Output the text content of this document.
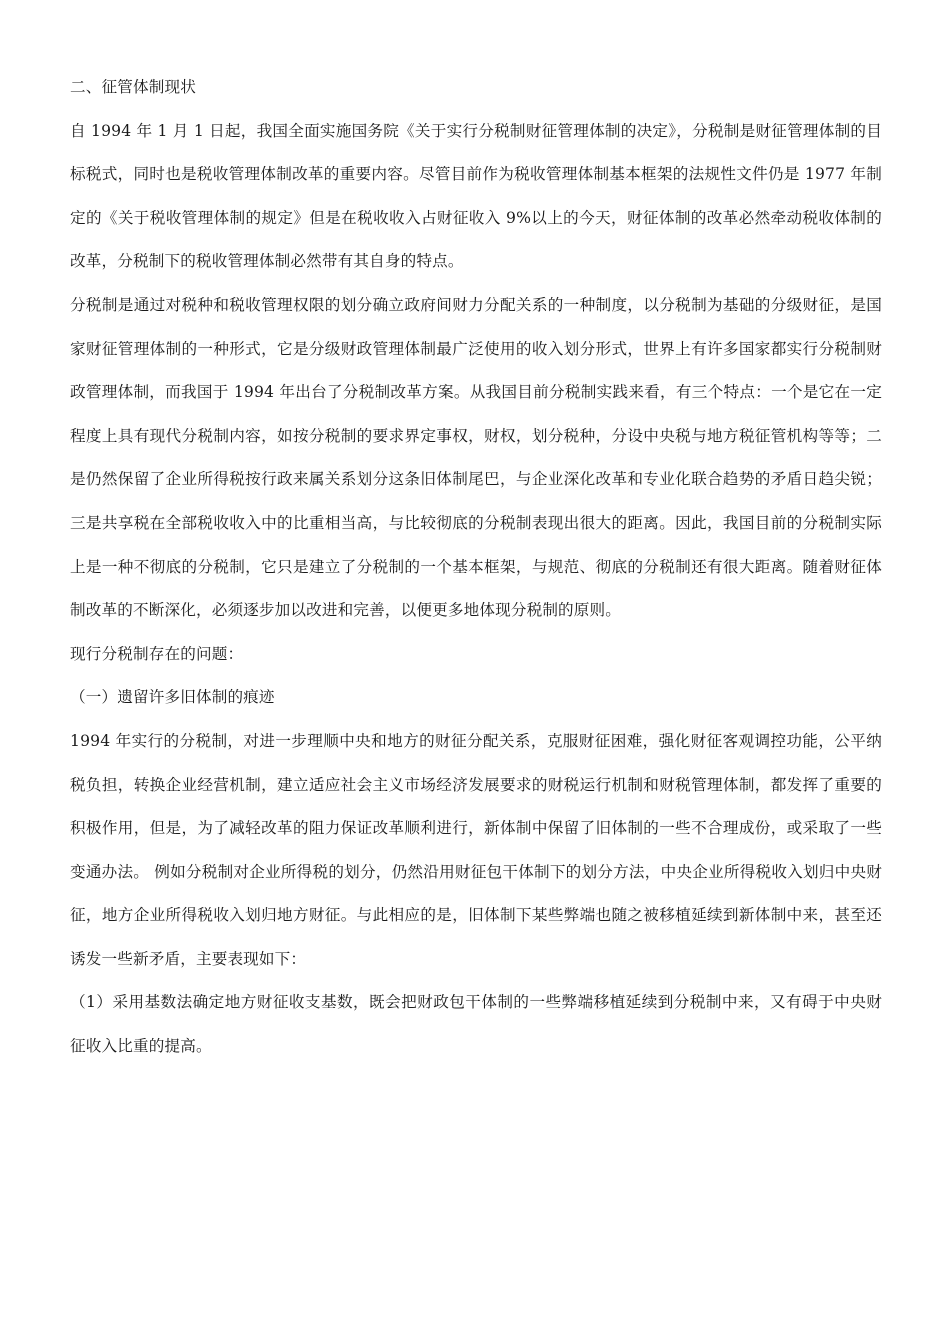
二、征管体制现状

自 1994 年 1 月 1 日起，我国全面实施国务院《关于实行分税制财征管理体制的决定》，分税制是财征管理体制的目标税式，同时也是税收管理体制改革的重要内容。尽管目前作为税收管理体制基本框架的法规性文件仍是 1977 年制定的《关于税收管理体制的规定》但是在税收收入占财征收入 9%以上的今天，财征体制的改革必然牵动税收体制的改革，分税制下的税收管理体制必然带有其自身的特点。

分税制是通过对税种和税收管理权限的划分确立政府间财力分配关系的一种制度，以分税制为基础的分级财征，是国家财征管理体制的一种形式，它是分级财政管理体制最广泛使用的收入划分形式，世界上有许多国家都实行分税制财政管理体制，而我国于 1994 年出台了分税制改革方案。从我国目前分税制实践来看，有三个特点：一个是它在一定程度上具有现代分税制内容，如按分税制的要求界定事权，财权，划分税种，分设中央税与地方税征管机构等等；二是仍然保留了企业所得税按行政来属关系划分这条旧体制尾巴，与企业深化改革和专业化联合趋势的矛盾日趋尖锐；三是共享税在全部税收收入中的比重相当高，与比较彻底的分税制表现出很大的距离。因此，我国目前的分税制实际上是一种不彻底的分税制，它只是建立了分税制的一个基本框架，与规范、彻底的分税制还有很大距离。随着财征体制改革的不断深化，必须逐步加以改进和完善，以便更多地体现分税制的原则。

现行分税制存在的问题：

（一）遗留许多旧体制的痕迹

1994 年实行的分税制，对进一步理顺中央和地方的财征分配关系，克服财征困难，强化财征客观调控功能，公平纳税负担，转换企业经营机制，建立适应社会主义市场经济发展要求的财税运行机制和财税管理体制，都发挥了重要的积极作用，但是，为了减轻改革的阻力保证改革顺利进行，新体制中保留了旧体制的一些不合理成份，或采取了一些变通办法。 例如分税制对企业所得税的划分，仍然沿用财征包干体制下的划分方法，中央企业所得税收入划归中央财征，地方企业所得税收入划归地方财征。与此相应的是，旧体制下某些弊端也随之被移植延续到新体制中来，甚至还诱发一些新矛盾，主要表现如下：

（1）采用基数法确定地方财征收支基数，既会把财政包干体制的一些弊端移植延续到分税制中来，又有碍于中央财征收入比重的提高。
